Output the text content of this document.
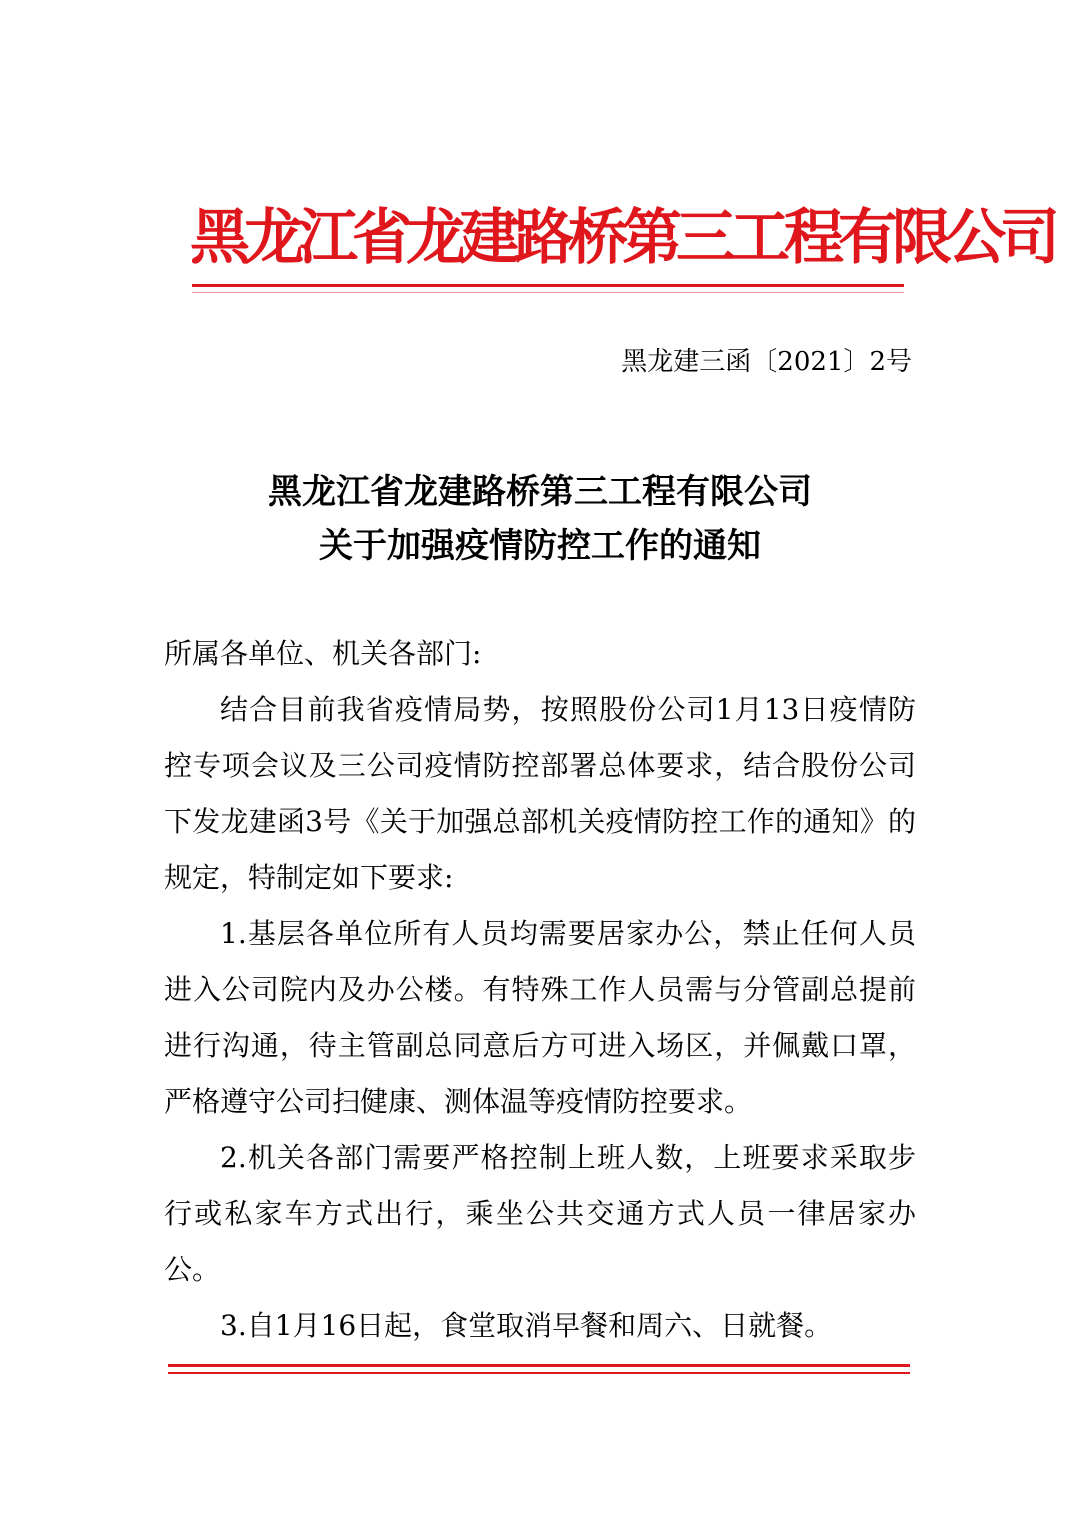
黑龙江省龙建路桥第三工程有限公司
黑龙建三函〔2021〕2号
黑龙江省龙建路桥第三工程有限公司
关于加强疫情防控工作的通知

所属各单位、机关各部门:

结合目前我省疫情局势，按照股份公司1月13日疫情防控专项会议及三公司疫情防控部署总体要求，结合股份公司下发龙建函3号《关于加强总部机关疫情防控工作的通知》的规定，特制定如下要求:

1.基层各单位所有人员均需要居家办公，禁止任何人员进入公司院内及办公楼。有特殊工作人员需与分管副总提前进行沟通，待主管副总同意后方可进入场区，并佩戴口罩，严格遵守公司扫健康、测体温等疫情防控要求。

2.机关各部门需要严格控制上班人数，上班要求采取步行或私家车方式出行，乘坐公共交通方式人员一律居家办公。

3.自1月16日起，食堂取消早餐和周六、日就餐。
